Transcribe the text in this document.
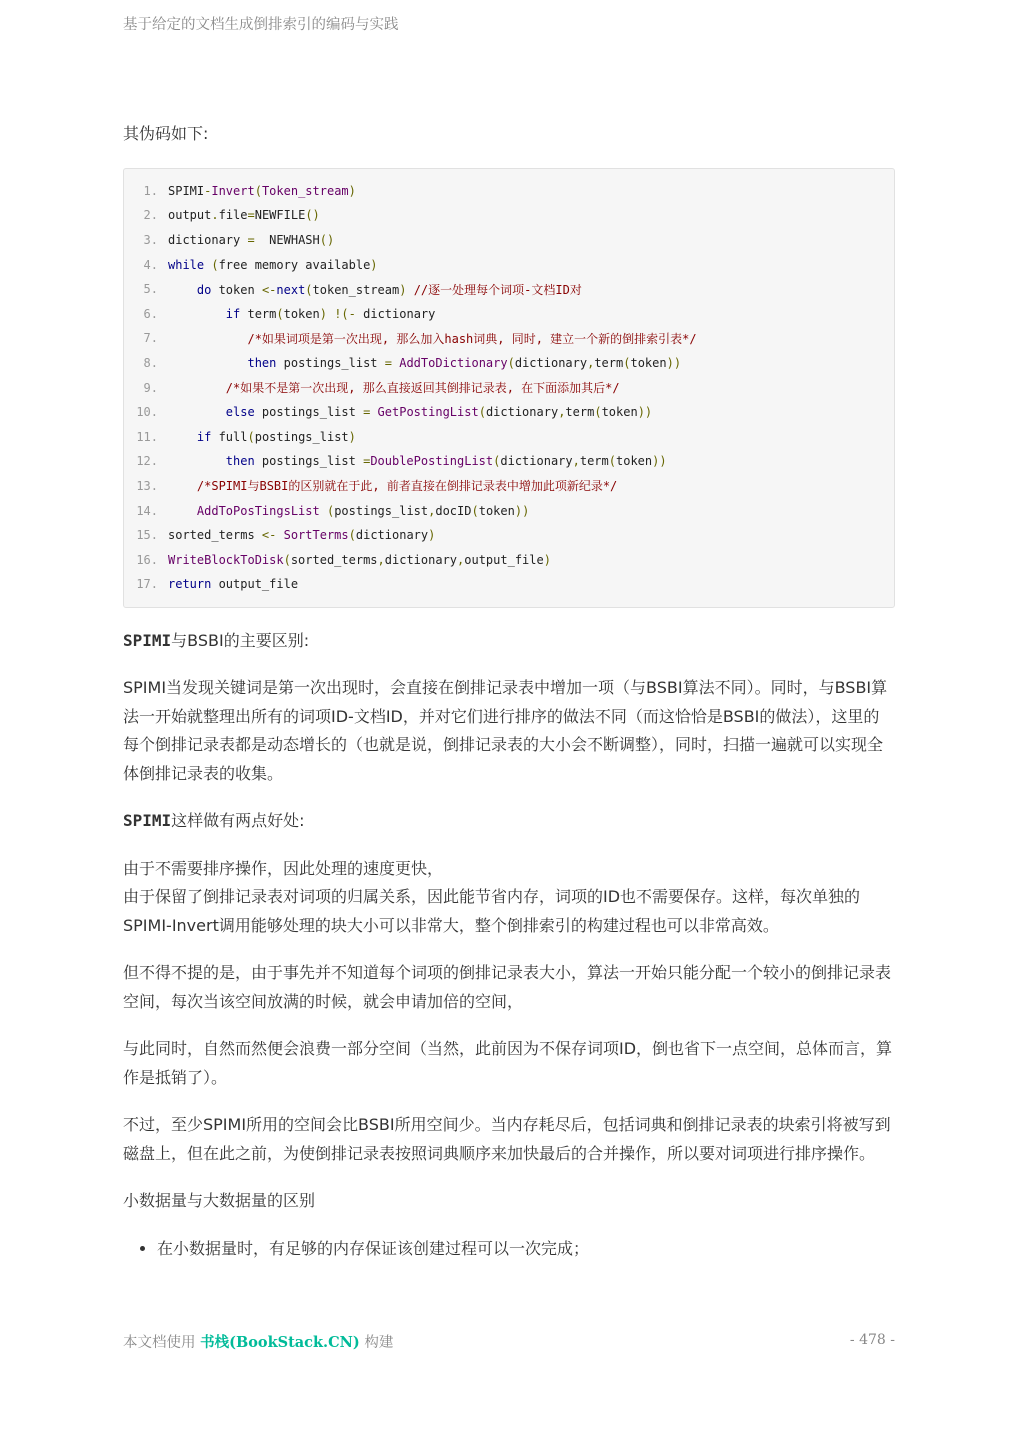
基于给定的文档生成倒排索引的编码与实践

其伪码如下:

1. SPIMI-Invert(Token_stream)
2. output.file=NEWFILE()
3. dictionary =  NEWHASH()
4. while (free memory available)
5.	do token <-next(token_stream) //逐一处理每个词项-文档ID对
6.	if term(token) !(- dictionary
7.	/*如果词项是第一次出现, 那么加入hash词典, 同时, 建立一个新的倒排索引表*/
8.	then postings_list = AddToDictionary(dictionary,term(token))
9.	/*如果不是第一次出现, 那么直接返回其倒排记录表, 在下面添加其后*/
10.	else postings_list = GetPostingList(dictionary,term(token))
11.	if full(postings_list)
12.	then postings_list =DoublePostingList(dictionary,term(token))
13.	/*SPIMI与BSBI的区别就在于此, 前者直接在倒排记录表中增加此项新纪录*/
14.	AddToPosTingsList (postings_list,docID(token))
15. sorted_terms <- SortTerms(dictionary)
16. WriteBlockToDisk(sorted_terms,dictionary,output_file)
17. return output_file

SPIMI与BSBI的主要区别:

SPIMI当发现关键词是第一次出现时，会直接在倒排记录表中增加一项（与BSBI算法不同）。同时，与BSBI算法一开始就整理出所有的词项ID-文档ID，并对它们进行排序的做法不同（而这恰恰是BSBI的做法），这里的每个倒排记录表都是动态增长的（也就是说，倒排记录表的大小会不断调整），同时，扫描一遍就可以实现全体倒排记录表的收集。

SPIMI这样做有两点好处:

由于不需要排序操作，因此处理的速度更快，
由于保留了倒排记录表对词项的归属关系，因此能节省内存，词项的ID也不需要保存。这样，每次单独的SPIMI-Invert调用能够处理的块大小可以非常大，整个倒排索引的构建过程也可以非常高效。

但不得不提的是，由于事先并不知道每个词项的倒排记录表大小，算法一开始只能分配一个较小的倒排记录表空间，每次当该空间放满的时候，就会申请加倍的空间，

与此同时，自然而然便会浪费一部分空间（当然，此前因为不保存词项ID，倒也省下一点空间，总体而言，算作是抵销了）。

不过，至少SPIMI所用的空间会比BSBI所用空间少。当内存耗尽后，包括词典和倒排记录表的块索引将被写到磁盘上，但在此之前，为使倒排记录表按照词典顺序来加快最后的合并操作，所以要对词项进行排序操作。

小数据量与大数据量的区别

• 在小数据量时，有足够的内存保证该创建过程可以一次完成；
本文档使用 书栈(BookStack.CN) 构建	- 478 -
